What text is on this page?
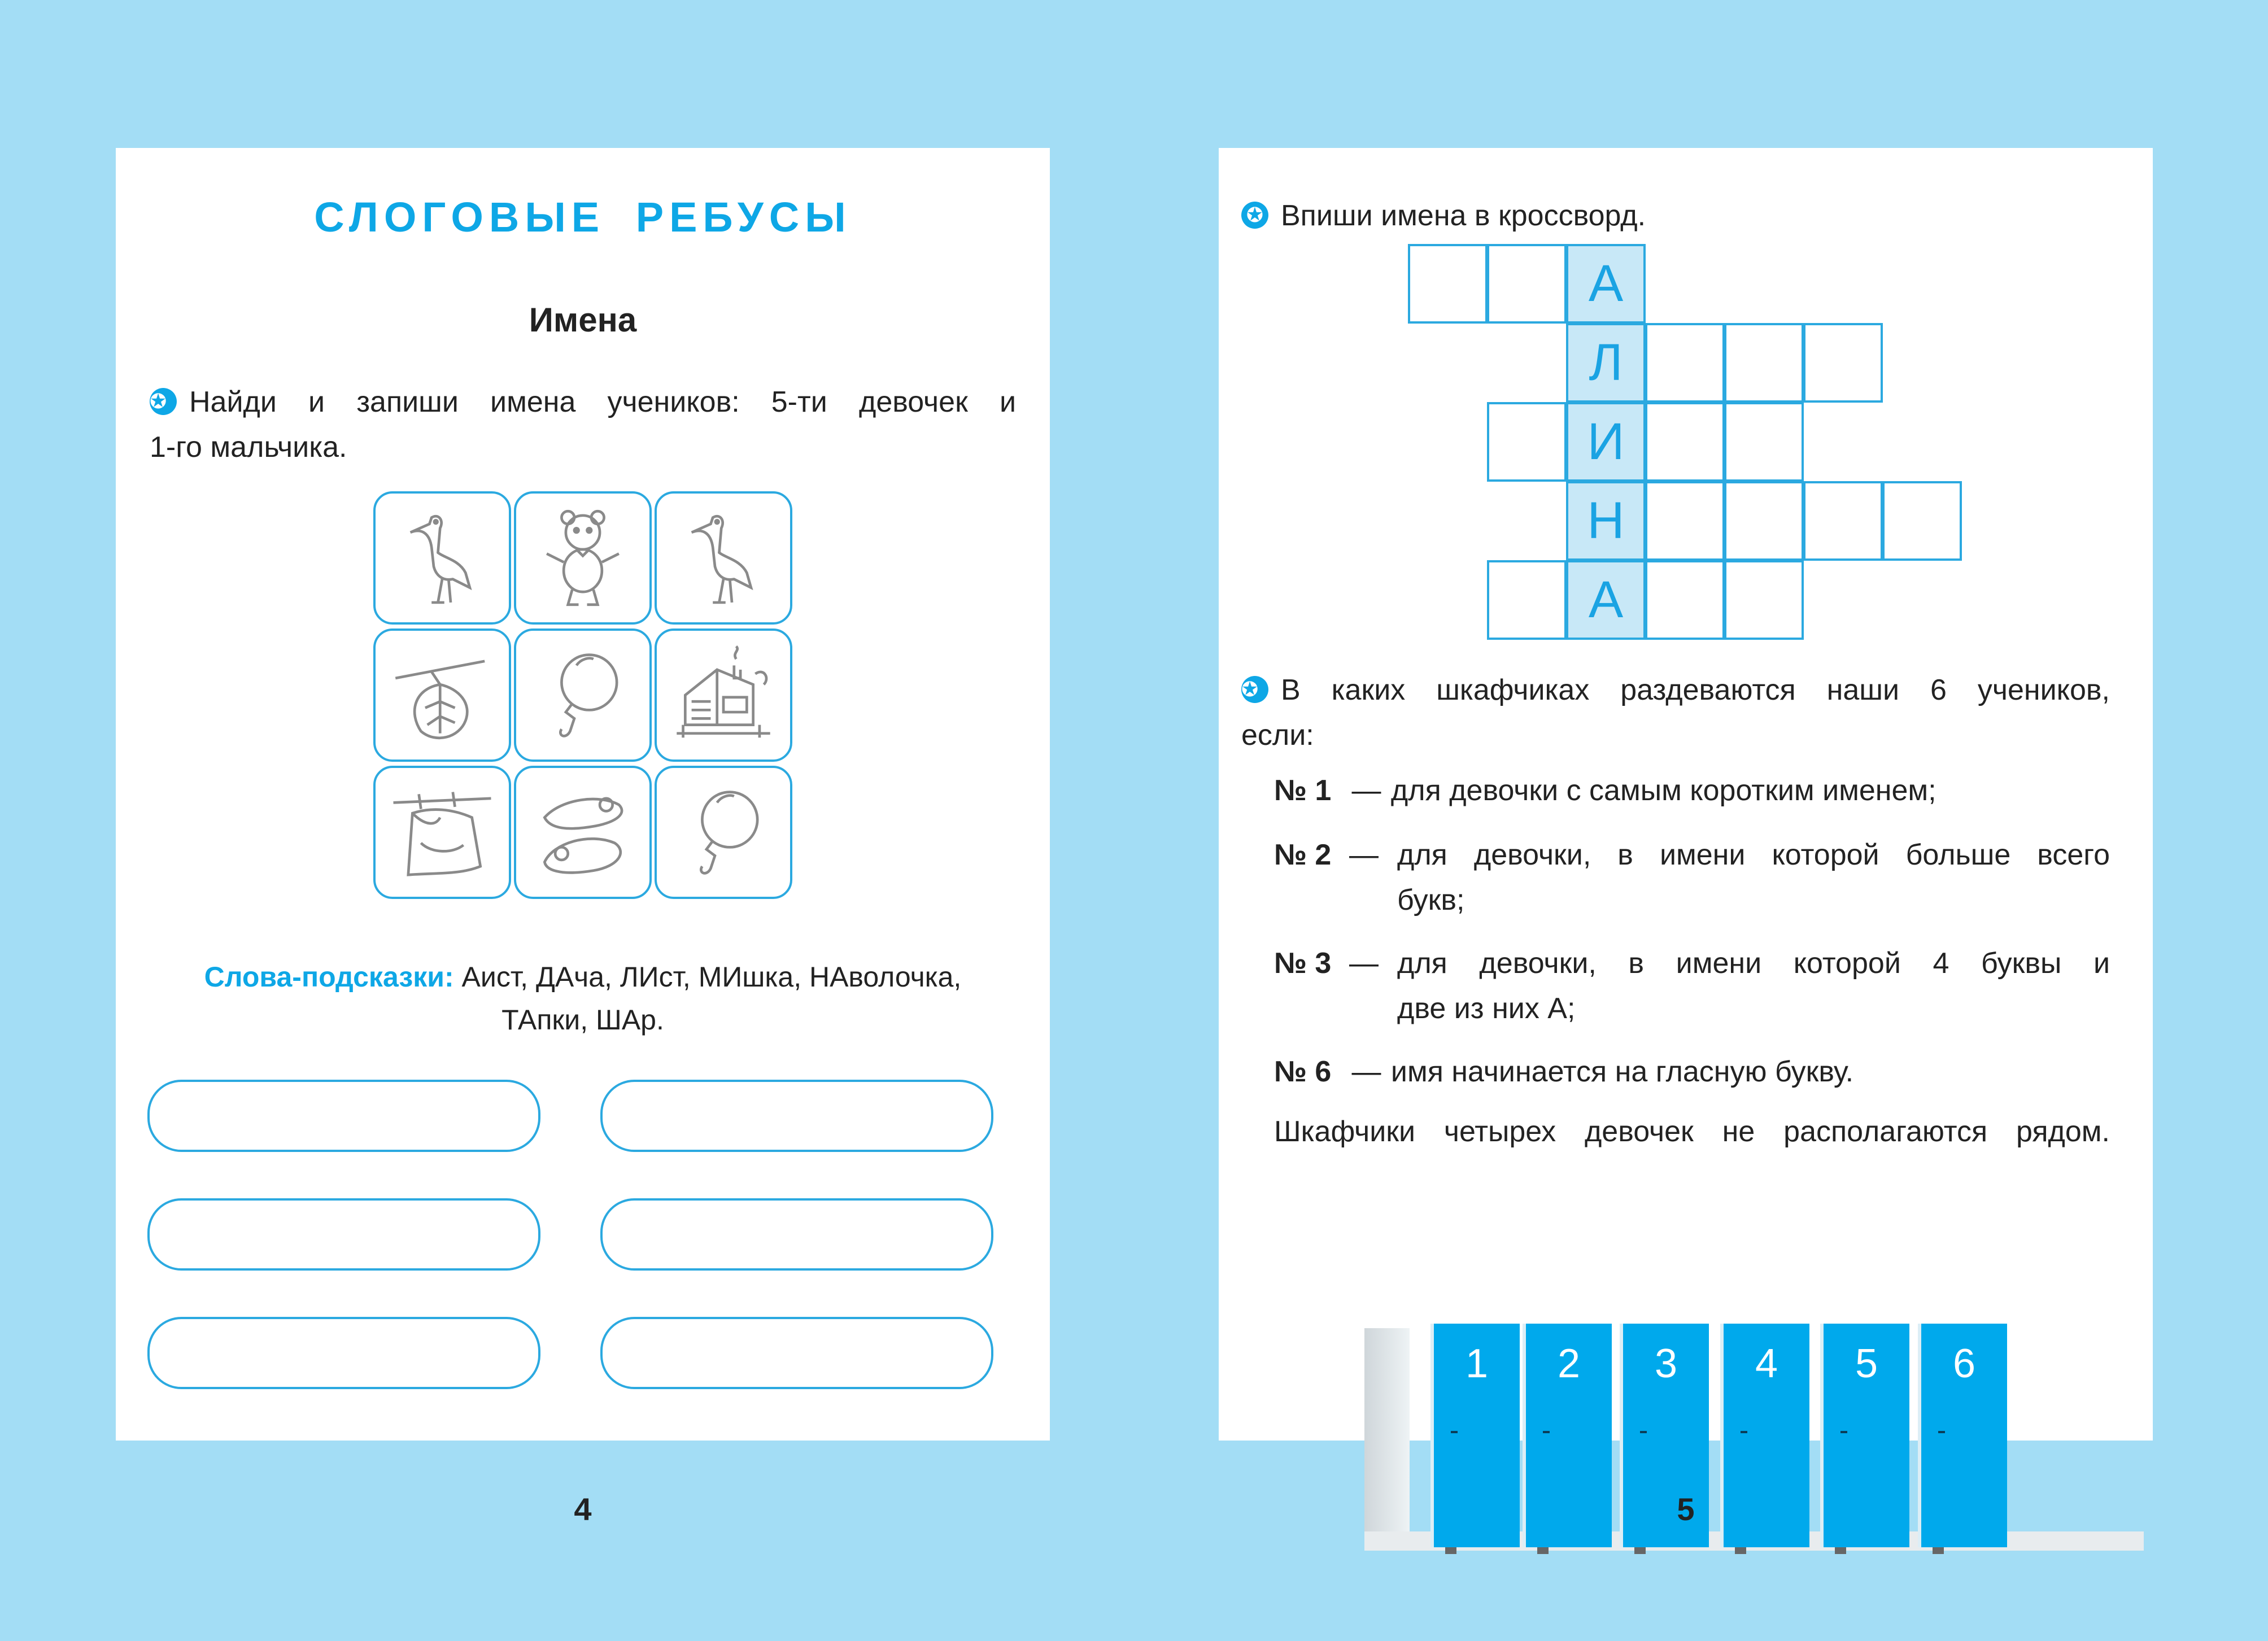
СЛОГОВЫЕ РЕБУСЫ
Имена
✪ Найди и запиши имена учеников: 5-ти девочек и
1-го мальчика.
Слова-подсказки: Аист, ДАча, ЛИст, МИшка, НАволочка,
ТАпки, ШАр.
4
✪ Впиши имена в кроссворд.
А
Л
И
Н
А
✪ В каких шкафчиках раздеваются наши 6 учеников,
если:
№ 1 — для девочки с самым коротким именем;
№ 2 — для девочки, в имени которой больше всего
букв;
№ 3 — для девочки, в имени которой 4 буквы и
две из них А;
№ 6 — имя начинается на гласную букву.
Шкафчики четырех девочек не располагаются рядом.
1	2	3	4	5	6
5
